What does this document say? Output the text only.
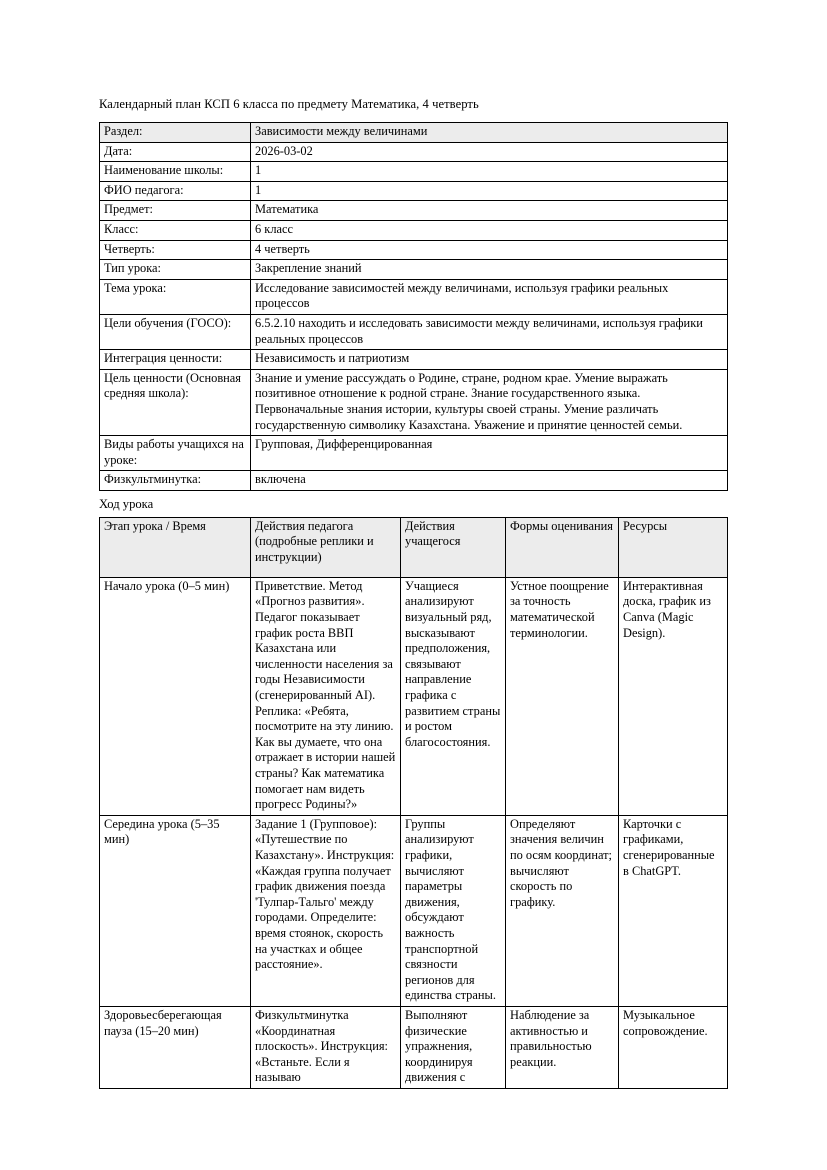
Календарный план КСП 6 класса по предмету Математика, 4 четверть
Раздел:	Зависимости между величинами
Дата:	2026-03-02
Наименование школы:	1
ФИО педагога:	1
Предмет:	Математика
Класс:	6 класс
Четверть:	4 четверть
Тип урока:	Закрепление знаний
Тема урока:	Исследование зависимостей между величинами, используя графики реальных процессов
Цели обучения (ГОСО):	6.5.2.10 находить и исследовать зависимости между величинами, используя графики реальных процессов
Интеграция ценности:	Независимость и патриотизм
Цель ценности (Основная средняя школа):	Знание и умение рассуждать о Родине, стране, родном крае. Умение выражать позитивное отношение к родной стране. Знание государственного языка. Первоначальные знания истории, культуры своей страны. Умение различать государственную символику Казахстана. Уважение и принятие ценностей семьи.
Виды работы учащихся на уроке:	Групповая, Дифференцированная
Физкультминутка:	включена
Ход урока
Этап урока / Время	Действия педагога (подробные реплики и инструкции)	Действия учащегося	Формы оценивания	Ресурсы
Начало урока (0–5 мин)	Приветствие. Метод «Прогноз развития». Педагог показывает график роста ВВП Казахстана или численности населения за годы Независимости (сгенерированный AI). Реплика: «Ребята, посмотрите на эту линию. Как вы думаете, что она отражает в истории нашей страны? Как математика помогает нам видеть прогресс Родины?»	Учащиеся анализируют визуальный ряд, высказывают предположения, связывают направление графика с развитием страны и ростом благосостояния.	Устное поощрение за точность математической терминологии.	Интерактивная доска, график из Canva (Magic Design).
Середина урока (5–35 мин)	Задание 1 (Групповое): «Путешествие по Казахстану». Инструкция: «Каждая группа получает график движения поезда 'Тулпар-Тальго' между городами. Определите: время стоянок, скорость на участках и общее расстояние».	Группы анализируют графики, вычисляют параметры движения, обсуждают важность транспортной связности регионов для единства страны.	Определяют значения величин по осям координат; вычисляют скорость по графику.	Карточки с графиками, сгенерированные в ChatGPT.
Здоровьесберегающая пауза (15–20 мин)	Физкультминутка «Координатная плоскость». Инструкция: «Встаньте. Если я называю	Выполняют физические упражнения, координируя движения с	Наблюдение за активностью и правильностью реакции.	Музыкальное сопровождение.
